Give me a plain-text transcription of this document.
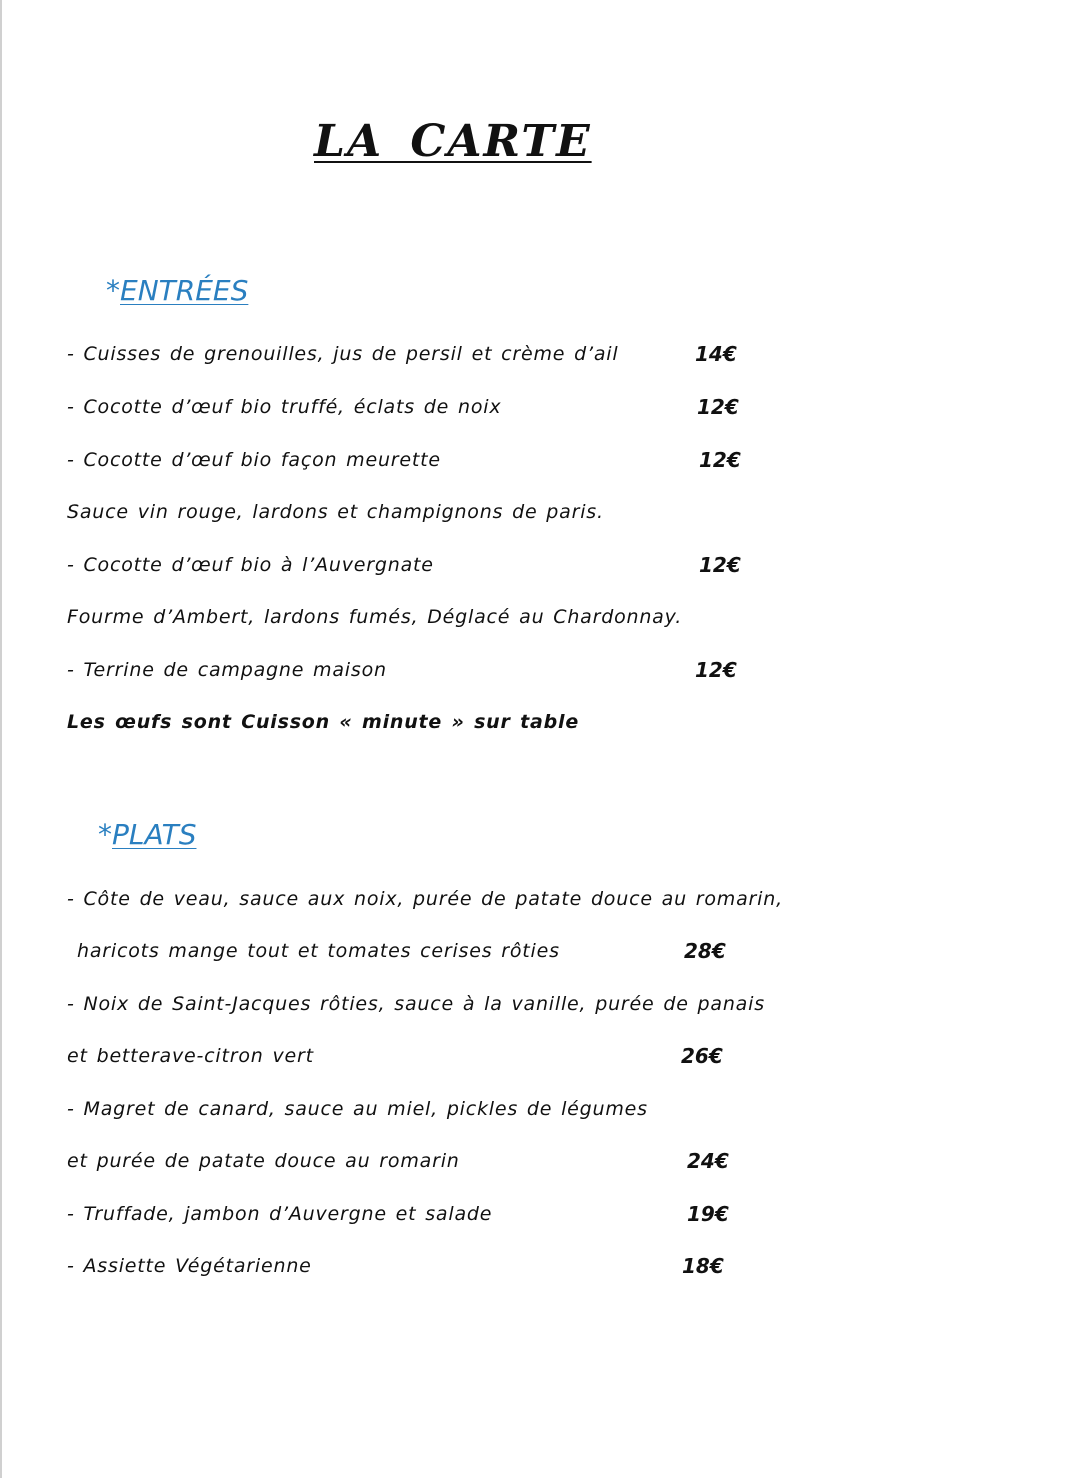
LA CARTE
*ENTRÉES
- Cuisses de grenouilles, jus de persil et crème d’ail	14€
- Cocotte d’œuf bio truffé, éclats de noix	12€
- Cocotte d’œuf bio façon meurette	12€
Sauce vin rouge, lardons et champignons de paris.
- Cocotte d’œuf bio à l’Auvergnate	12€
Fourme d’Ambert, lardons fumés, Déglacé au Chardonnay.
- Terrine de campagne maison	12€
Les œufs sont Cuisson « minute » sur table
*PLATS
- Côte de veau, sauce aux noix, purée de patate douce au romarin,
haricots mange tout et tomates cerises rôties	28€
- Noix de Saint-Jacques rôties, sauce à la vanille, purée de panais
et betterave-citron vert	26€
- Magret de canard, sauce au miel, pickles de légumes
et purée de patate douce au romarin	24€
- Truffade, jambon d’Auvergne et salade	19€
- Assiette Végétarienne	18€
